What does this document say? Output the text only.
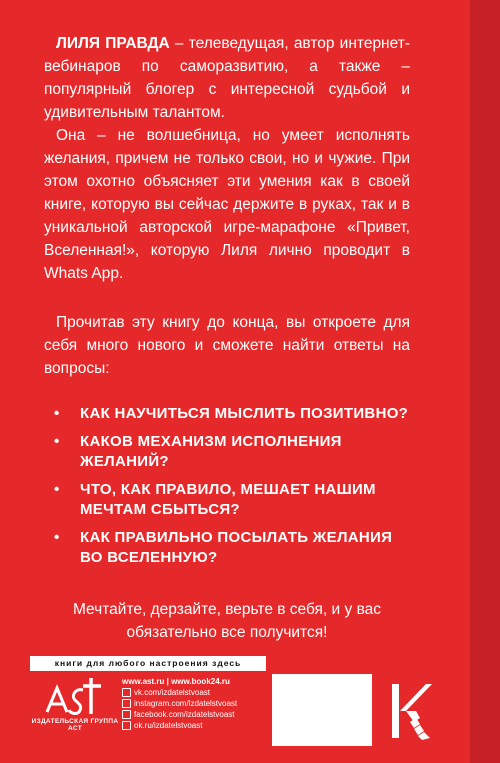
ЛИЛЯ ПРАВДА – телеведущая, автор интернет-вебинаров по саморазвитию, а также – популярный блогер с интересной судьбой и удивительным талантом.

Она – не волшебница, но умеет исполнять желания, причем не только свои, но и чужие. При этом охотно объясняет эти умения как в своей книге, которую вы сейчас держите в руках, так и в уникальной авторской игре-марафоне «Привет, Вселенная!», которую Лиля лично проводит в Whats App.

Прочитав эту книгу до конца, вы откроете для себя много нового и сможете найти ответы на вопросы:

• КАК НАУЧИТЬСЯ МЫСЛИТЬ ПОЗИТИВНО?
• КАКОВ МЕХАНИЗМ ИСПОЛНЕНИЯ ЖЕЛАНИЙ?
• ЧТО, КАК ПРАВИЛО, МЕШАЕТ НАШИМ МЕЧТАМ СБЫТЬСЯ?
• КАК ПРАВИЛЬНО ПОСЫЛАТЬ ЖЕЛАНИЯ ВО ВСЕЛЕННУЮ?
Мечтайте, дерзайте, верьте в себя, и у вас обязательно все получится!
книги для любого настроения здесь
ИЗДАТЕЛЬСКАЯ ГРУППА АСТ
www.ast.ru | www.book24.ru
vk.com/izdatelstvoast
instagram.com/izdatelstvoast
facebook.com/izdatelstvoast
ok.ru/izdatelstvoast
